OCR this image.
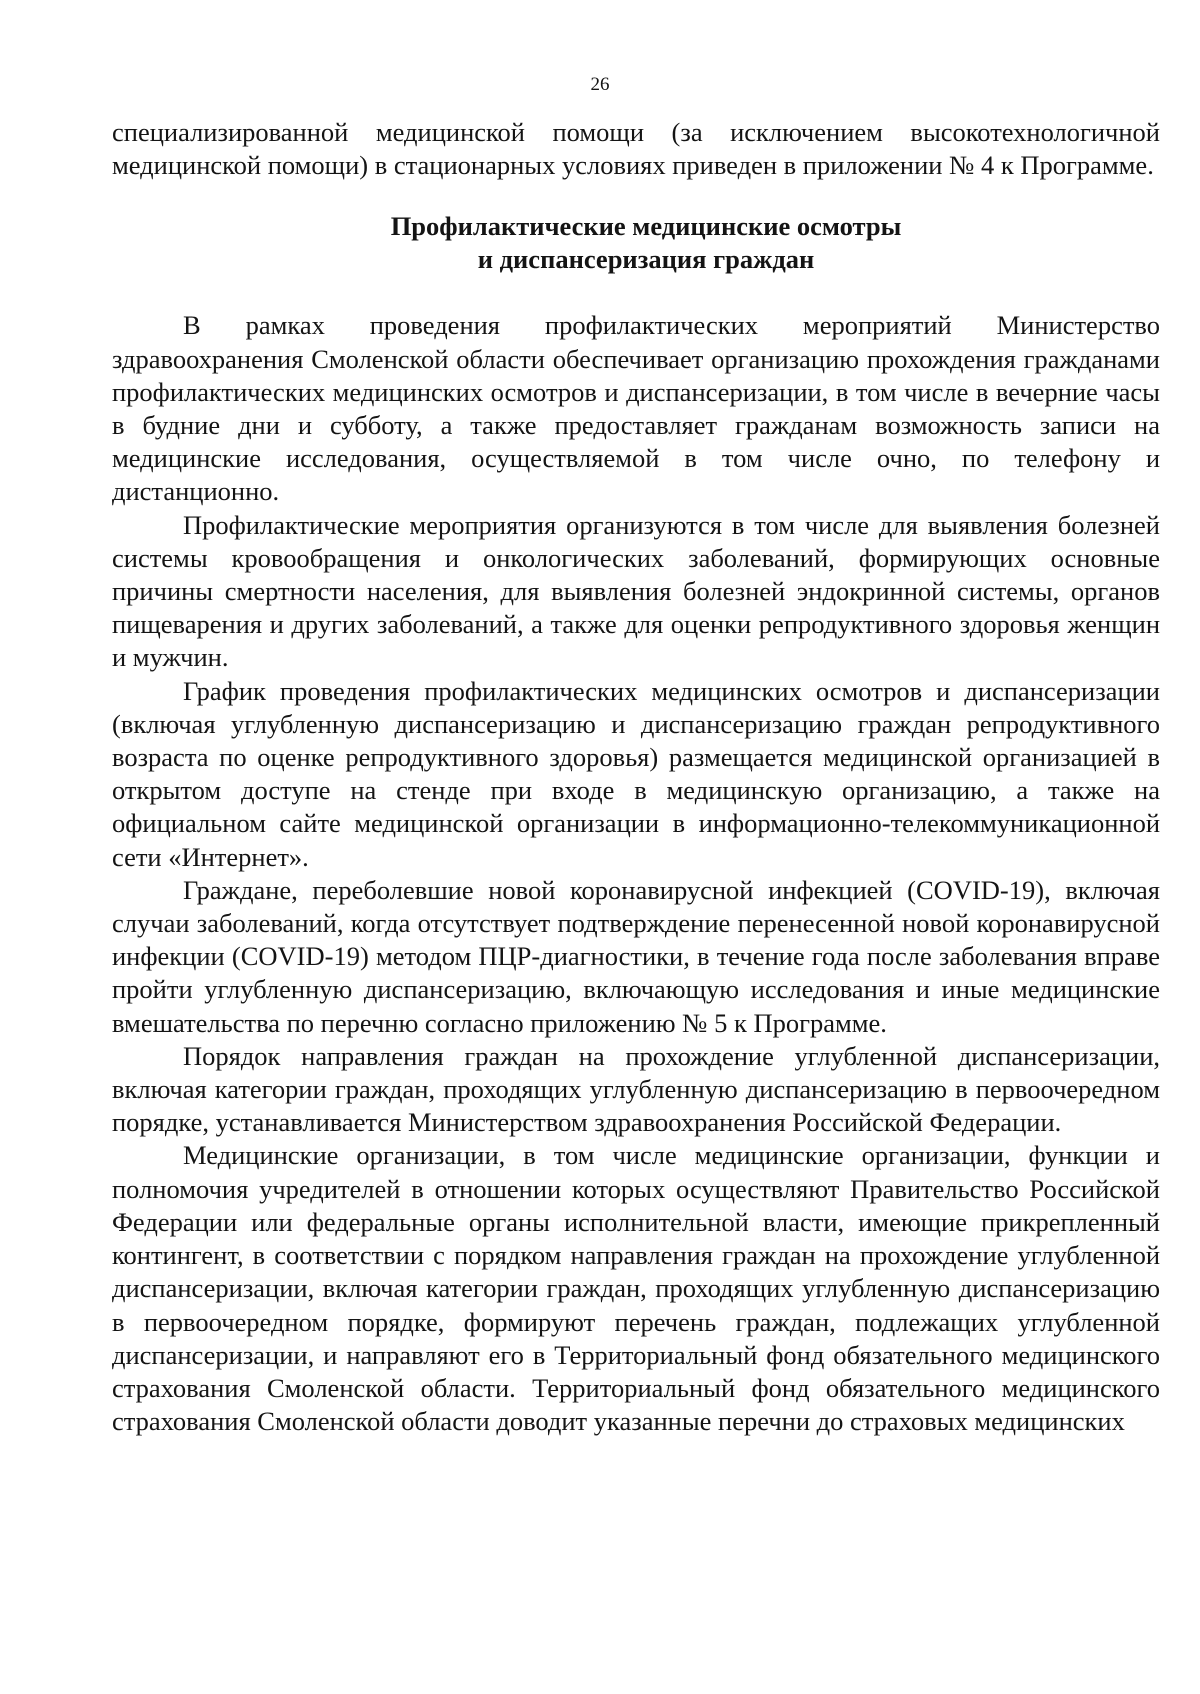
26

специализированной медицинской помощи (за исключением высокотехнологичной медицинской помощи) в стационарных условиях приведен в приложении № 4 к Программе.

Профилактические медицинские осмотры
и диспансеризация граждан

В рамках проведения профилактических мероприятий Министерство здравоохранения Смоленской области обеспечивает организацию прохождения гражданами профилактических медицинских осмотров и диспансеризации, в том числе в вечерние часы в будние дни и субботу, а также предоставляет гражданам возможность записи на медицинские исследования, осуществляемой в том числе очно, по телефону и дистанционно.

Профилактические мероприятия организуются в том числе для выявления болезней системы кровообращения и онкологических заболеваний, формирующих основные причины смертности населения, для выявления болезней эндокринной системы, органов пищеварения и других заболеваний, а также для оценки репродуктивного здоровья женщин и мужчин.

График проведения профилактических медицинских осмотров и диспансеризации (включая углубленную диспансеризацию и диспансеризацию граждан репродуктивного возраста по оценке репродуктивного здоровья) размещается медицинской организацией в открытом доступе на стенде при входе в медицинскую организацию, а также на официальном сайте медицинской организации в информационно-телекоммуникационной сети «Интернет».

Граждане, переболевшие новой коронавирусной инфекцией (COVID-19), включая случаи заболеваний, когда отсутствует подтверждение перенесенной новой коронавирусной инфекции (COVID-19) методом ПЦР-диагностики, в течение года после заболевания вправе пройти углубленную диспансеризацию, включающую исследования и иные медицинские вмешательства по перечню согласно приложению № 5 к Программе.

Порядок направления граждан на прохождение углубленной диспансеризации, включая категории граждан, проходящих углубленную диспансеризацию в первоочередном порядке, устанавливается Министерством здравоохранения Российской Федерации.

Медицинские организации, в том числе медицинские организации, функции и полномочия учредителей в отношении которых осуществляют Правительство Российской Федерации или федеральные органы исполнительной власти, имеющие прикрепленный контингент, в соответствии с порядком направления граждан на прохождение углубленной диспансеризации, включая категории граждан, проходящих углубленную диспансеризацию в первоочередном порядке, формируют перечень граждан, подлежащих углубленной диспансеризации, и направляют его в Территориальный фонд обязательного медицинского страхования Смоленской области. Территориальный фонд обязательного медицинского страхования Смоленской области доводит указанные перечни до страховых медицинских
